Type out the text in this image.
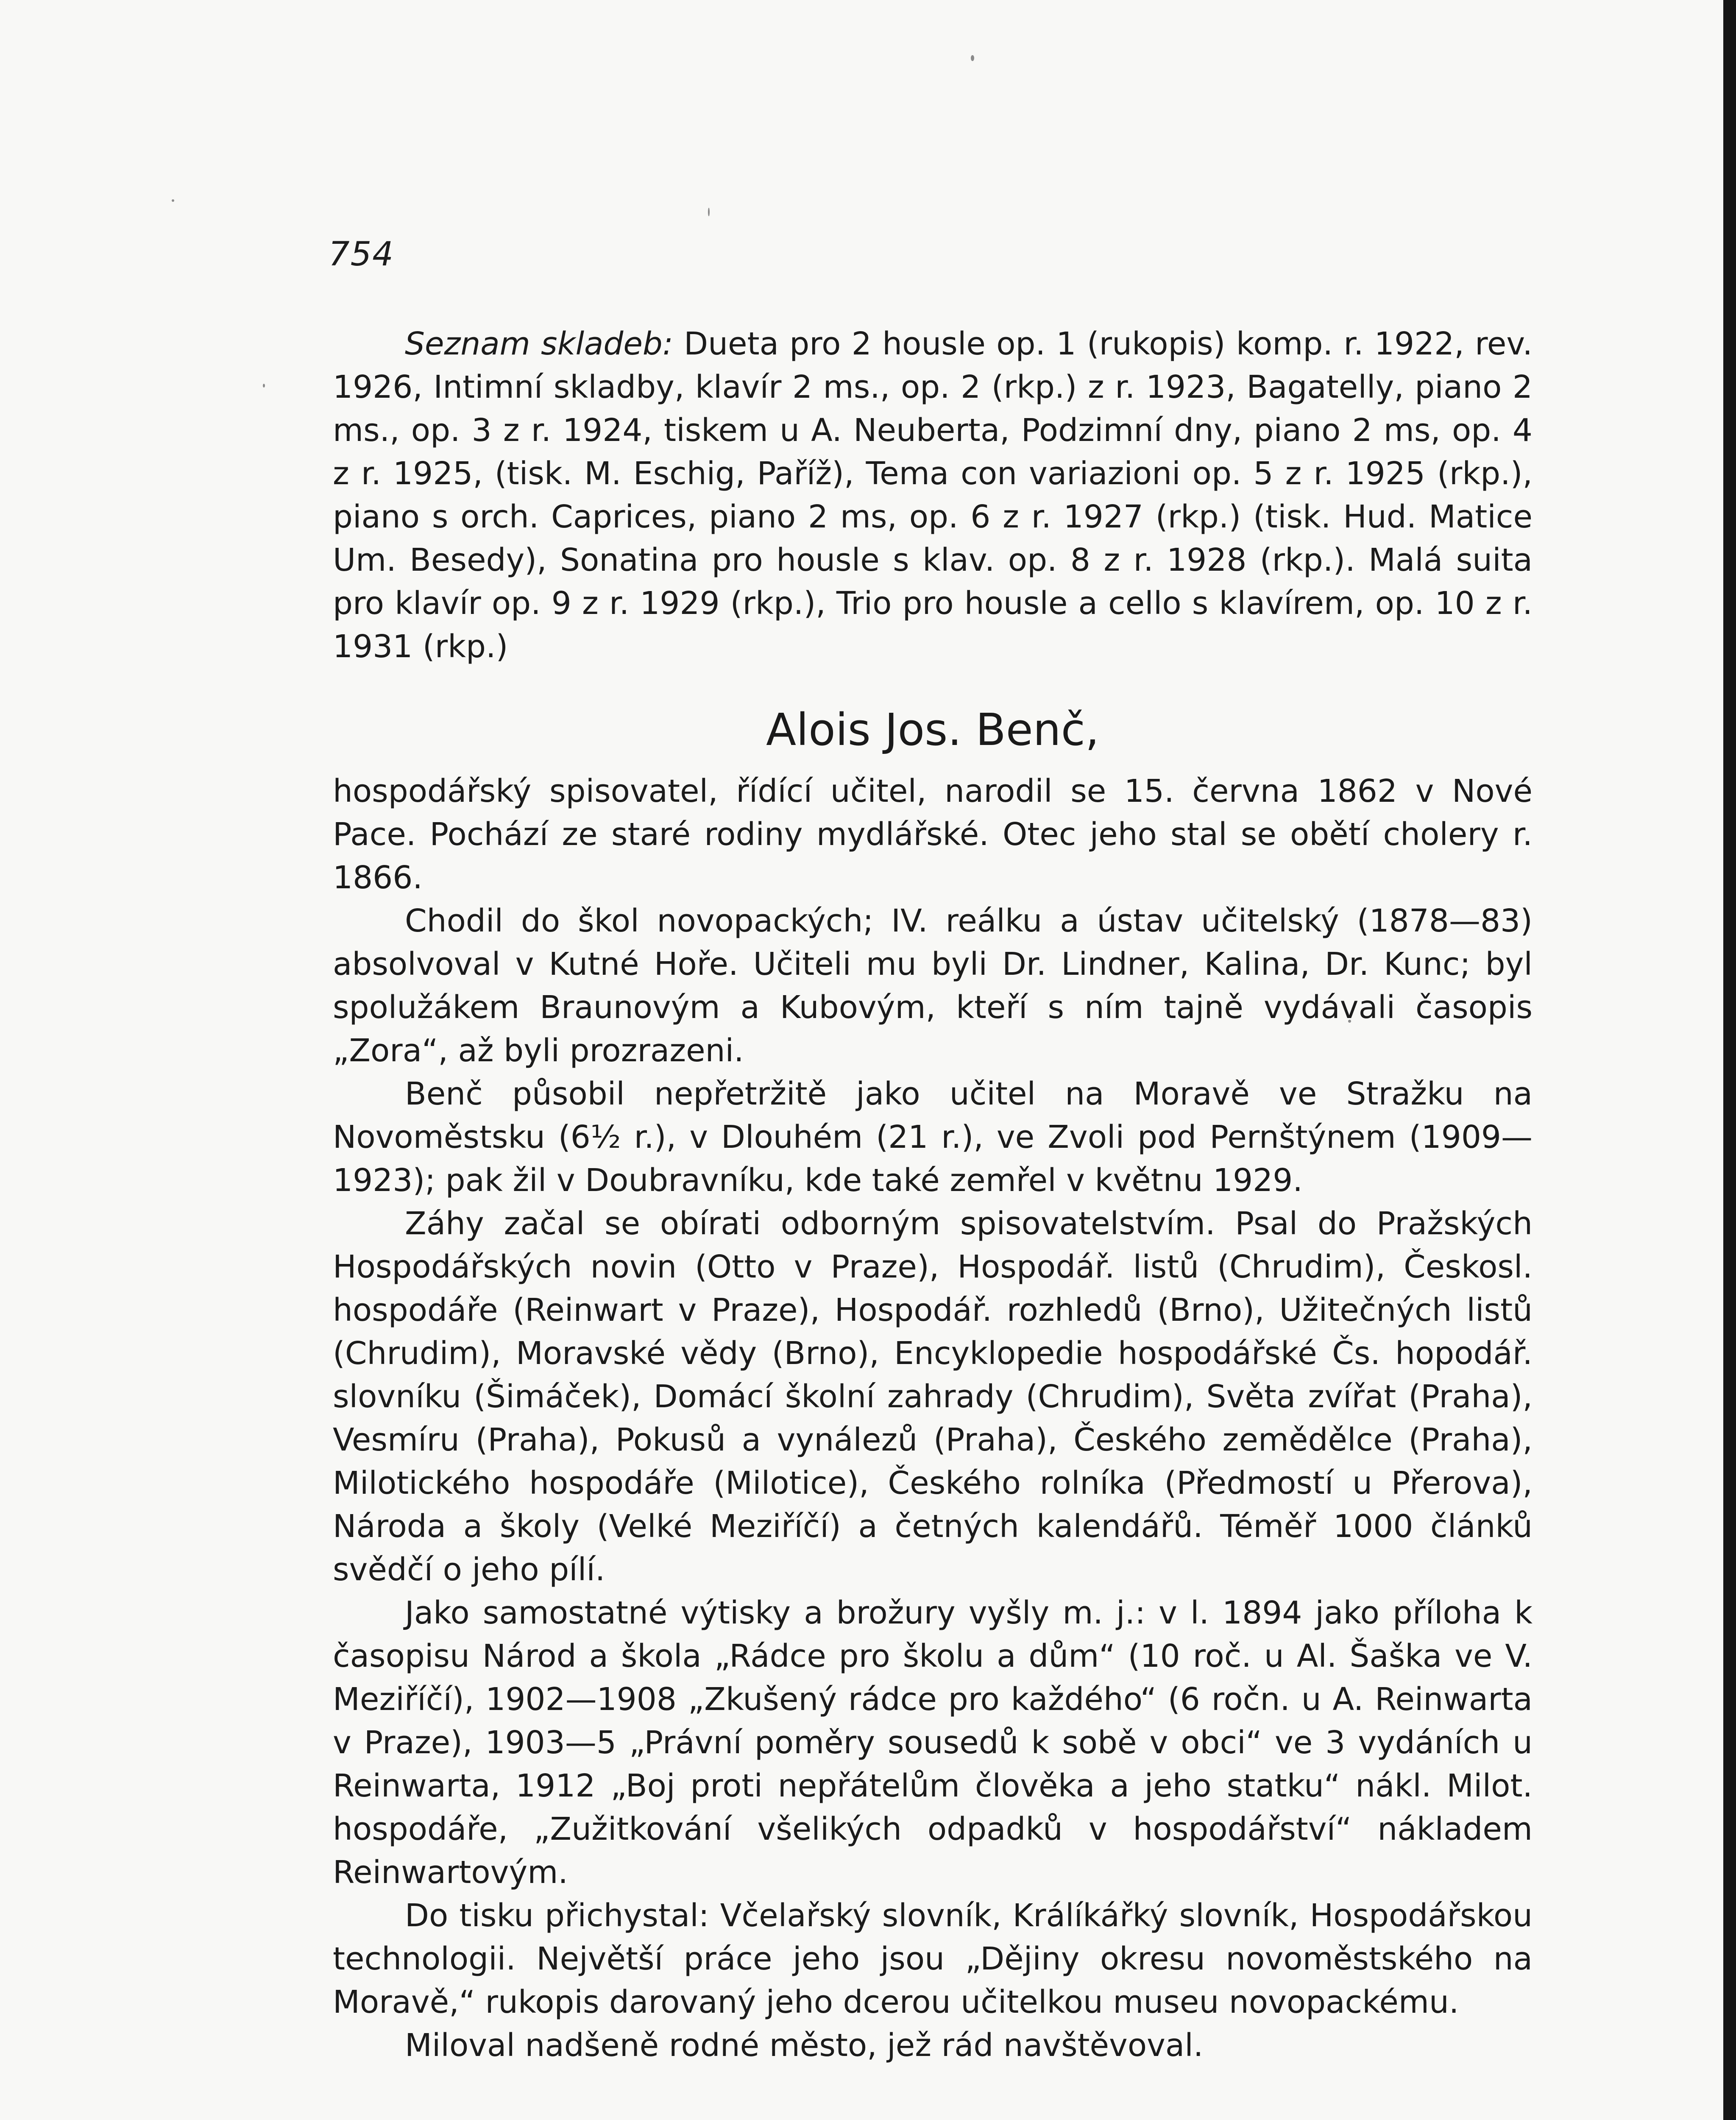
754

Seznam skladeb: Dueta pro 2 housle op. 1 (rukopis) komp. r. 1922, rev. 1926, Intimní skladby, klavír 2 ms., op. 2 (rkp.) z r. 1923, Bagatelly, piano 2 ms., op. 3 z r. 1924, tiskem u A. Neuberta, Podzimní dny, piano 2 ms, op. 4 z r. 1925, (tisk. M. Eschig, Paříž), Tema con variazioni op. 5 z r. 1925 (rkp.), piano s orch. Caprices, piano 2 ms, op. 6 z r. 1927 (rkp.) (tisk. Hud. Matice Um. Besedy), Sonatina pro housle s klav. op. 8 z r. 1928 (rkp.). Malá suita pro klavír op. 9 z r. 1929 (rkp.), Trio pro housle a cello s klavírem, op. 10 z r. 1931 (rkp.)

Alois Jos. Benč,

hospodářský spisovatel, řídící učitel, narodil se 15. června 1862 v Nové Pace. Pochází ze staré rodiny mydlářské. Otec jeho stal se obětí cholery r. 1866.

Chodil do škol novopackých; IV. reálku a ústav učitelský (1878—83) absolvoval v Kutné Hoře. Učiteli mu byli Dr. Lindner, Kalina, Dr. Kunc; byl spolužákem Braunovým a Kubovým, kteří s ním tajně vydávali časopis „Zora“, až byli prozrazeni.

Benč působil nepřetržitě jako učitel na Moravě ve Stražku na Novoměstsku (6½ r.), v Dlouhém (21 r.), ve Zvoli pod Pernštýnem (1909—1923); pak žil v Doubravníku, kde také zemřel v květnu 1929.

Záhy začal se obírati odborným spisovatelstvím. Psal do Pražských Hospodářských novin (Otto v Praze), Hospodář. listů (Chrudim), Českosl. hospodáře (Reinwart v Praze), Hospodář. rozhledů (Brno), Užitečných listů (Chrudim), Moravské vědy (Brno), Encyklopedie hospodářské Čs. hopodář. slovníku (Šimáček), Domácí školní zahrady (Chrudim), Světa zvířat (Praha), Vesmíru (Praha), Pokusů a vynálezů (Praha), Českého zemědělce (Praha), Milotického hospodáře (Milotice), Českého rolníka (Předmostí u Přerova), Národa a školy (Velké Meziříčí) a četných kalendářů. Téměř 1000 článků svědčí o jeho pílí.

Jako samostatné výtisky a brožury vyšly m. j.: v l. 1894 jako příloha k časopisu Národ a škola „Rádce pro školu a dům“ (10 roč. u Al. Šaška ve V. Meziříčí), 1902—1908 „Zkušený rádce pro každého“ (6 ročn. u A. Reinwarta v Praze), 1903—5 „Právní poměry sousedů k sobě v obci“ ve 3 vydáních u Reinwarta, 1912 „Boj proti nepřátelům člověka a jeho statku“ nákl. Milot. hospodáře, „Zužitkování všelikých odpadků v hospodářství“ nákladem Reinwartovým.

Do tisku přichystal: Včelařský slovník, Králíkářký slovník, Hospodářskou technologii. Největší práce jeho jsou „Dějiny okresu novoměstského na Moravě,“ rukopis darovaný jeho dcerou učitelkou museu novopackému.

Miloval nadšeně rodné město, jež rád navštěvoval.
